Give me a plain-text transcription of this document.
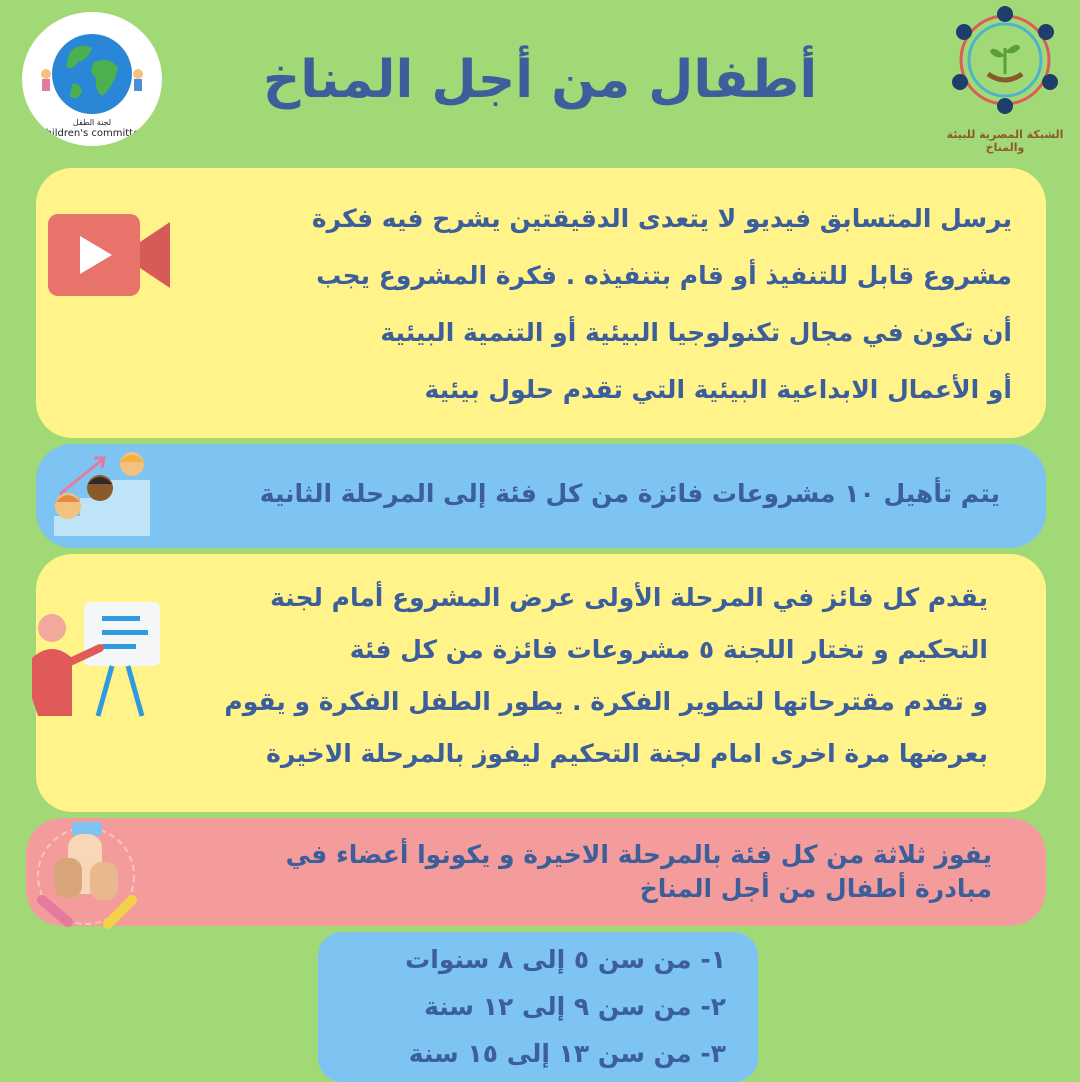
أطفال من أجل المناخ
لجنة الطفل
Children's committee	الشبكة المصرية للبيئة والمناخ

يرسل المتسابق فيديو لا يتعدى الدقيقتين يشرح فيه فكرة

مشروع قابل للتنفيذ أو قام بتنفيذه . فكرة المشروع يجب

أن تكون في مجال تكنولوجيا البيئية أو التنمية البيئية

أو الأعمال الابداعية البيئية التي تقدم حلول بيئية

يتم تأهيل ١٠ مشروعات فائزة من كل فئة إلى المرحلة الثانية

يقدم كل فائز في المرحلة الأولى عرض المشروع أمام لجنة

التحكيم و تختار اللجنة ٥ مشروعات فائزة من كل فئة

و تقدم مقترحاتها لتطوير الفكرة . يطور الطفل الفكرة و يقوم

بعرضها مرة اخرى امام لجنة التحكيم ليفوز بالمرحلة الاخيرة

يفوز ثلاثة من كل فئة بالمرحلة الاخيرة و يكونوا أعضاء في

مبادرة أطفال من أجل المناخ

١- من سن ٥ إلى ٨ سنوات

٢- من سن ٩ إلى ١٢ سنة

٣- من سن ١٣ إلى ١٥ سنة
